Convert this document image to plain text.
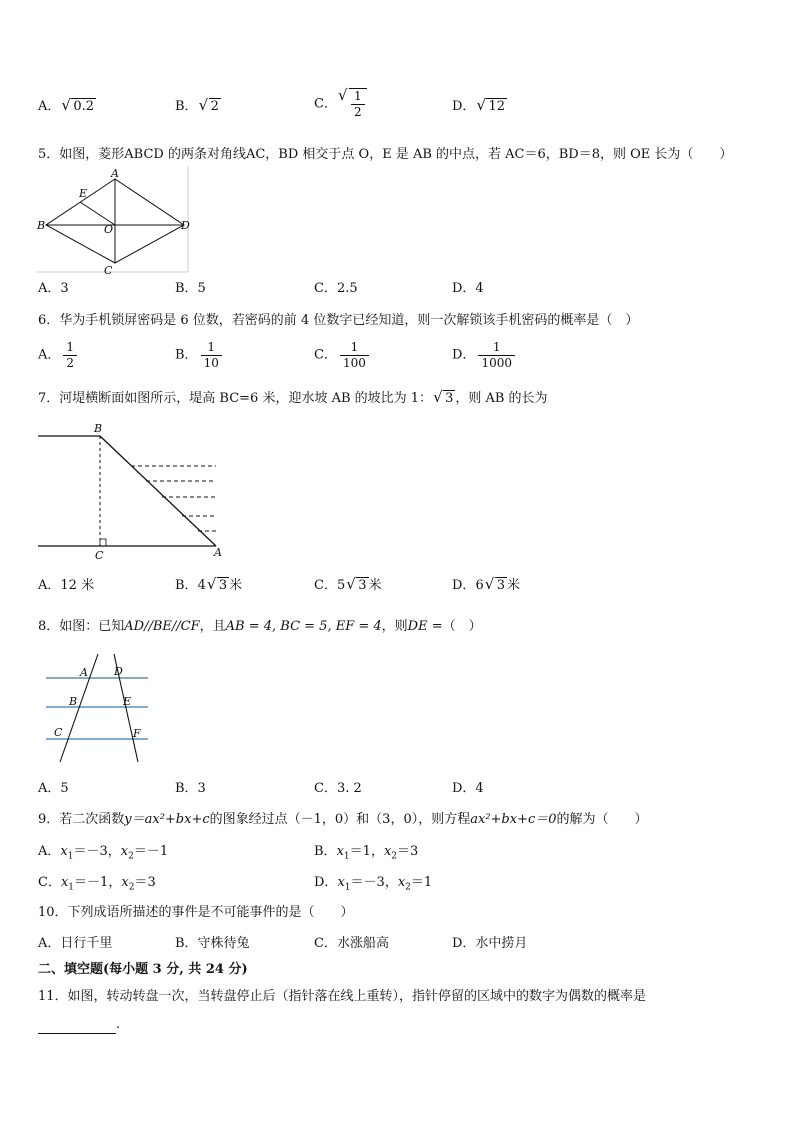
A． √ 0.2	B． √ 2	C． √ $\frac{1}{2}$	D． √ 12
5．如图，菱形ABCD 的两条对角线AC，BD 相交于点 O，E 是 AB 的中点，若 AC＝6，BD＝8，则 OE 长为（　　）
A
B
C
D
E
O
A．3	B．5	C．2.5	D．4
6．华为手机锁屏密码是 6 位数，若密码的前 4 位数字已经知道，则一次解锁该手机密码的概率是（　）
A． $\frac{1}{2}$	B． $\frac{1}{10}$	C． $\frac{1}{100}$	D． $\frac{1}{1000}$
7．河堤横断面如图所示，堤高 BC=6 米，迎水坡 AB 的坡比为 1： √ 3 ，则 AB 的长为
B
C	A
A．12 米	B．4 √ 3 米	C．5 √ 3 米	D．6 √ 3 米
8．如图：已知AD//BE//CF，且AB = 4, BC = 5, EF = 4，则DE =（　）
A D
B	E
C	F
A．5	B．3	C．3. 2	D．4
9．若二次函数y＝ax²+bx+c的图象经过点（－1，0）和（3，0），则方程ax²+bx+c＝0的解为（　　）
A．$x_1=-3$，$x_2=-1$	B．$x_1=1$，$x_2=3$
C．$x_1=-1$，$x_2=3$	D．$x_1=-3$，$x_2=1$
10．下列成语所描述的事件是不可能事件的是（　　）
A．日行千里	B．守株待兔	C．水涨船高	D．水中捞月
二、填空题(每小题 3 分, 共 24 分)
11．如图，转动转盘一次，当转盘停止后（指针落在线上重转），指针停留的区域中的数字为偶数的概率是
.
